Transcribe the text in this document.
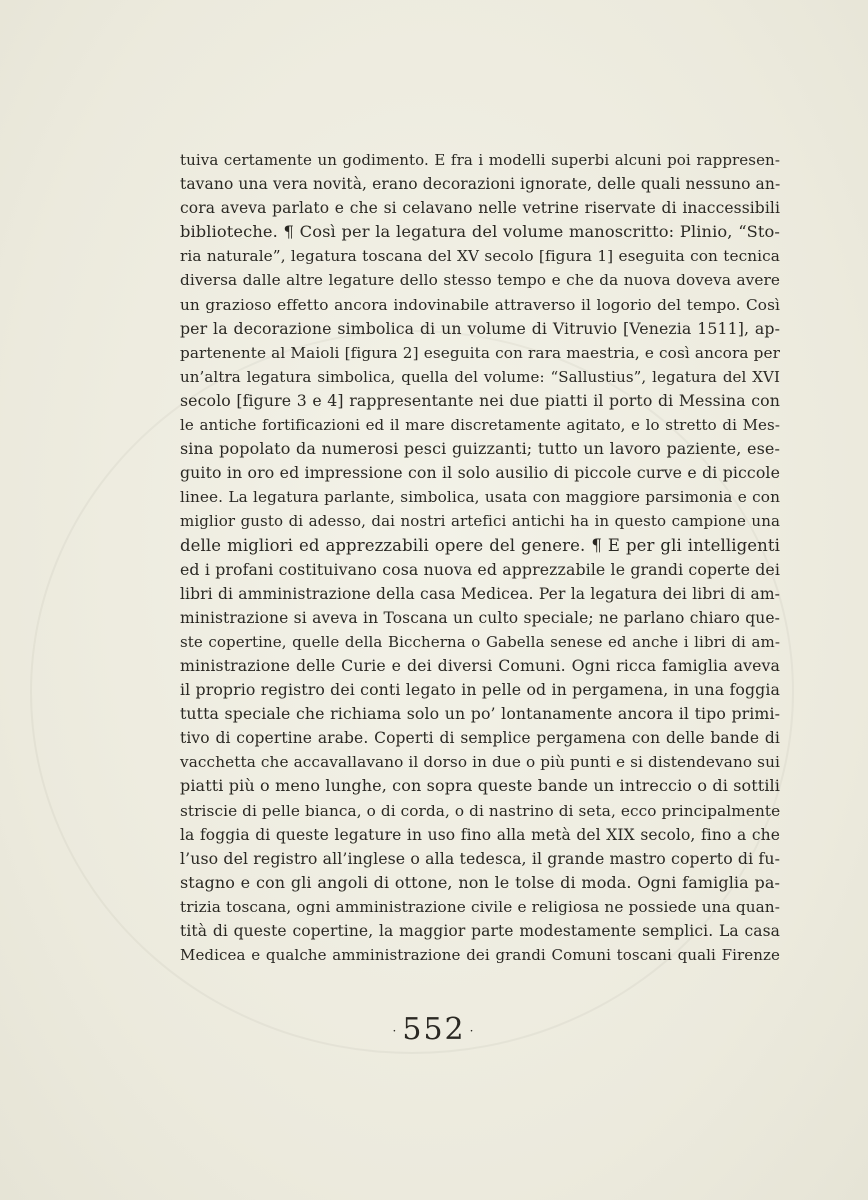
tuiva certamente un godimento. E fra i modelli superbi alcuni poi rappresen-
tavano una vera novità, erano decorazioni ignorate, delle quali nessuno an-
cora aveva parlato e che si celavano nelle vetrine riservate di inaccessibili
biblioteche. ¶ Così per la legatura del volume manoscritto: Plinio, “Sto-
ria naturale”, legatura toscana del XV secolo [figura 1] eseguita con tecnica
diversa dalle altre legature dello stesso tempo e che da nuova doveva avere
un grazioso effetto ancora indovinabile attraverso il logorio del tempo. Così
per la decorazione simbolica di un volume di Vitruvio [Venezia 1511], ap-
partenente al Maioli [figura 2] eseguita con rara maestria, e così ancora per
un’altra legatura simbolica, quella del volume: “Sallustius”, legatura del XVI
secolo [figure 3 e 4] rappresentante nei due piatti il porto di Messina con
le antiche fortificazioni ed il mare discretamente agitato, e lo stretto di Mes-
sina popolato da numerosi pesci guizzanti; tutto un lavoro paziente, ese-
guito in oro ed impressione con il solo ausilio di piccole curve e di piccole
linee. La legatura parlante, simbolica, usata con maggiore parsimonia e con
miglior gusto di adesso, dai nostri artefici antichi ha in questo campione una
delle migliori ed apprezzabili opere del genere. ¶ E per gli intelligenti
ed i profani costituivano cosa nuova ed apprezzabile le grandi coperte dei
libri di amministrazione della casa Medicea. Per la legatura dei libri di am-
ministrazione si aveva in Toscana un culto speciale; ne parlano chiaro que-
ste copertine, quelle della Biccherna o Gabella senese ed anche i libri di am-
ministrazione delle Curie e dei diversi Comuni. Ogni ricca famiglia aveva
il proprio registro dei conti legato in pelle od in pergamena, in una foggia
tutta speciale che richiama solo un po’ lontanamente ancora il tipo primi-
tivo di copertine arabe. Coperti di semplice pergamena con delle bande di
vacchetta che accavallavano il dorso in due o più punti e si distendevano sui
piatti più o meno lunghe, con sopra queste bande un intreccio o di sottili
striscie di pelle bianca, o di corda, o di nastrino di seta, ecco principalmente
la foggia di queste legature in uso fino alla metà del XIX secolo, fino a che
l’uso del registro all’inglese o alla tedesca, il grande mastro coperto di fu-
stagno e con gli angoli di ottone, non le tolse di moda. Ogni famiglia pa-
trizia toscana, ogni amministrazione civile e religiosa ne possiede una quan-
tità di queste copertine, la maggior parte modestamente semplici. La casa
Medicea e qualche amministrazione dei grandi Comuni toscani quali Firenze
· 552 ·
